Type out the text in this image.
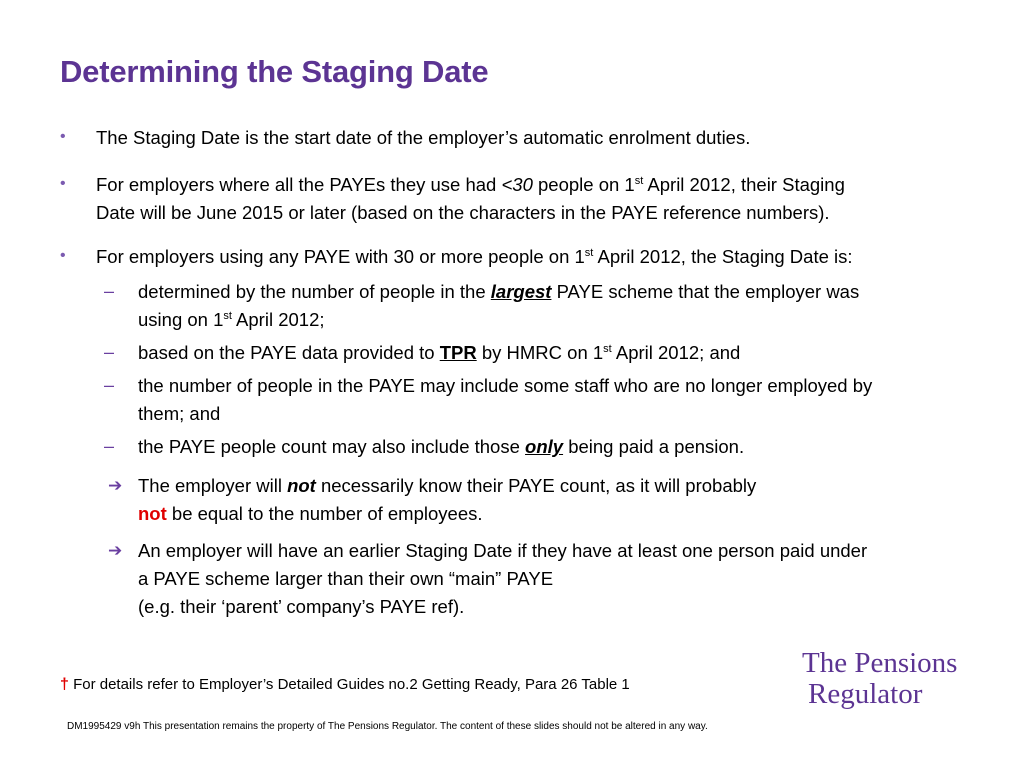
Determining the Staging Date
• The Staging Date is the start date of the employer’s automatic enrolment duties.
• For employers where all the PAYEs they use had <30 people on 1st April 2012, their Staging
Date will be June 2015 or later (based on the characters in the PAYE reference numbers).
• For employers using any PAYE with 30 or more people on 1st April 2012, the Staging Date is:
– determined by the number of people in the largest PAYE scheme that the employer was
using on 1st April 2012;
– based on the PAYE data provided to TPR by HMRC on 1st April 2012; and
– the number of people in the PAYE may include some staff who are no longer employed by
them; and
– the PAYE people count may also include those only being paid a pension.
➔ The employer will not necessarily know their PAYE count, as it will probably
not be equal to the number of employees.
➔ An employer will have an earlier Staging Date if they have at least one person paid under
a PAYE scheme larger than their own “main” PAYE
(e.g. their ‘parent’ company’s PAYE ref).
† For details refer to Employer’s Detailed Guides no.2 Getting Ready, Para 26 Table 1
The Pensions
Regulator
DM1995429 v9h This presentation remains the property of The Pensions Regulator. The content of these slides should not be altered in any way.
